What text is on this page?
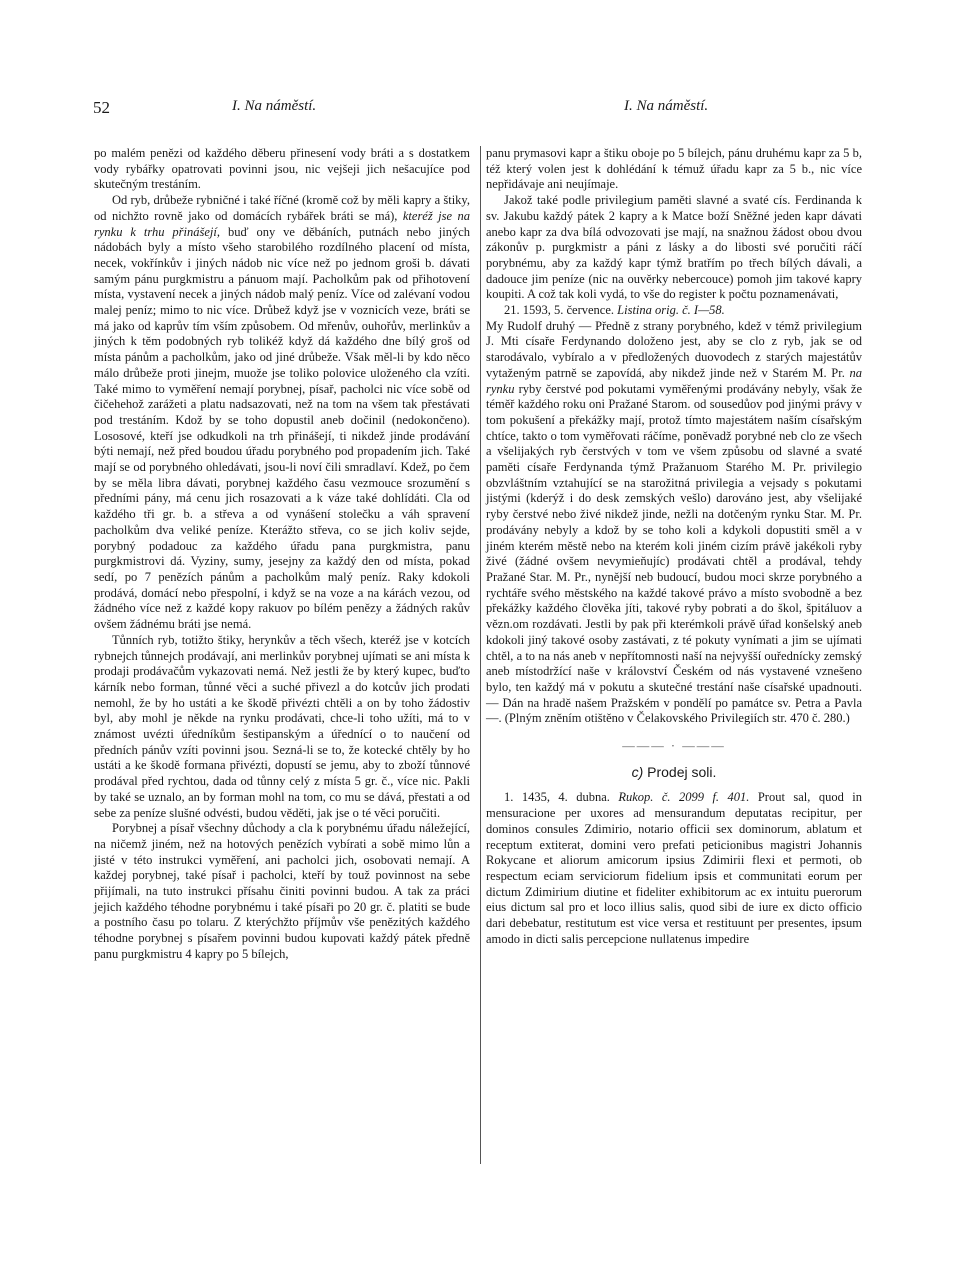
52	I. Na náměstí.	I. Na náměstí.

po malém penězi od každého děberu přinesení vody bráti a s dostatkem vody rybářky opatrovati povinni jsou, nic vejšeji jich nešacujíce pod skutečným trestáním.

Od ryb, drůbeže rybničné i také říčné (kromě což by měli kapry a štiky, od nichžto rovně jako od domácích rybářek bráti se má), kteréž jse na rynku k trhu přinášejí, buď ony ve děbáních, putnách nebo jiných nádobách byly a místo všeho starobilého rozdílného placení od místa, necek, vokřínkův i jiných nádob nic více než po jednom groši b. dávati samým pánu purgkmistru a pánuom mají. Pacholkům pak od přihotovení místa, vystavení necek a jiných nádob malý peníz. Více od zalévaní vodou malej peníz; mimo to nic více. Drůbež když jse v voznicích veze, bráti se má jako od kaprův tím vším způsobem. Od mřenův, ouhořův, merlinkův a jiných k těm podobných ryb tolikéž když dá každého dne bílý groš od místa pánům a pacholkům, jako od jiné drůbeže. Však měl-li by kdo něco málo drůbeže proti jinejm, muože jse toliko polovice uloženého cla vzíti. Také mimo to vyměření nemají porybnej, písař, pacholci nic více sobě od čičehehož zarážeti a platu nadsazovati, než na tom na všem tak přestávati pod trestáním. Kdož by se toho dopustil aneb dočinil (nedokončeno). Lososové, kteří jse odkudkoli na trh přinášejí, ti nikdež jinde prodávání býti nemají, než před boudou úřadu porybného pod propadením jich. Také mají se od porybného ohledávati, jsou-li noví čili smradlaví. Kdež, po čem by se měla libra dávati, porybnej každého času vezmouce srozumění s předními pány, má cenu jich rosazovati a k váze také dohlídáti. Cla od každého tři gr. b. a střeva a od vynášení stolečku a váh spravení pacholkům dva veliké peníze. Kterážto střeva, co se jich koliv sejde, porybný podadouc za každého úřadu pana purgkmistra, panu purgkmistrovi dá. Vyziny, sumy, jesejny za každý den od místa, pokad sedí, po 7 penězích pánům a pacholkům malý peníz. Raky kdokoli prodává, domácí nebo přespolní, i když se na voze a na kárách vezou, od žádného více než z každé kopy rakuov po bílém penězy a žádných rakův ovšem žádnému bráti jse nemá.

Tůnních ryb, totižto štiky, herynkův a těch všech, kteréž jse v kotcích rybnejch tůnnejch prodávají, ani merlinkův porybnej ujímati se ani místa k prodaji prodávačům vykazovati nemá. Než jestli že by který kupec, buďto kárník nebo forman, tůnné věci a suché přivezl a do kotcův jich prodati nemohl, že by ho ustáti a ke škodě přivézti chtěli a on by toho žádostiv byl, aby mohl je někde na rynku prodávati, chce-li toho užíti, má to v známost uvézti úředníkům šestipanským a úřednící o to naučení od předních pánův vzíti povinni jsou. Sezná-li se to, že kotecké chtěly by ho ustáti a ke škodě formana přivézti, dopustí se jemu, aby to zboží tůnnové prodával před rychtou, dada od tůnny celý z místa 5 gr. č., více nic. Pakli by také se uznalo, an by forman mohl na tom, co mu se dává, přestati a od sebe za peníze slušné odvésti, budou věděti, jak jse o té věci poručiti.

Porybnej a písař všechny důchody a cla k porybnému úřadu náležející, na ničemž jiném, než na hotových penězích vybírati a sobě mimo lůn a jisté v této instrukci vyměření, ani pacholci jich, osobovati nemají. A každej porybnej, také písař i pacholci, kteří by touž povinnost na sebe přijímali, na tuto instrukci přísahu činiti povinni budou. A tak za práci jejich každého téhodne porybnému i také písaři po 20 gr. č. platiti se bude a postního času po tolaru. Z kterýchžto příjmův vše penězitých každého téhodne porybnej s písařem povinni budou kupovati každý pátek předně panu purgkmistru 4 kapry po 5 bílejch,

panu prymasovi kapr a štiku oboje po 5 bílejch, pánu druhému kapr za 5 b, též který volen jest k dohlédání k témuž úřadu kapr za 5 b., nic více nepřidávaje ani neujímaje.

Jakož také podle privilegium paměti slavné a svaté cís. Ferdinanda k sv. Jakubu každý pátek 2 kapry a k Matce boží Sněžné jeden kapr dávati anebo kapr za dva bílá odvozovati jse mají, na snažnou žádost obou dvou zákonův p. purgkmistr a páni z lásky a do libosti své poručiti ráčí porybnému, aby za každý kapr týmž bratřím po třech bílých dávali, a dadouce jim peníze (nic na ouvěrky nebercouce) pomoh jim takové kapry koupiti. A což tak koli vydá, to vše do register k počtu poznamenávati,

21. 1593, 5. července. Listina orig. č. I—58.

My Rudolf druhý — Předně z strany porybného, kdež v témž privilegium J. Mti císaře Ferdynando doloženo jest, aby se clo z ryb, jak se od starodávalo, vybíralo a v předložených duovodech z starých majestátův vytaženým patrně se zapovídá, aby nikdež jinde než v Starém M. Pr. na rynku ryby čerstvé pod pokutami vyměřenými prodávány nebyly, však že téměř každého roku oni Pražané Starom. od sousedůov pod jinými právy v tom pokušení a překážky mají, protož tímto majestátem naším císařským chtíce, takto o tom vyměřovati ráčíme, poněvadž porybné neb clo ze všech a všelijakých ryb čerstvých v tom ve všem způsobu od slavné a svaté paměti císaře Ferdynanda týmž Pražanuom Starého M. Pr. privilegio obzvláštním vztahující se na starožitná privilegia a vejsady s pokutami jistými (kderýž i do desk zemských vešlo) darováno jest, aby všelijaké ryby čerstvé nebo živé nikdež jinde, nežli na dotčeným rynku Star. M. Pr. prodávány nebyly a kdož by se toho koli a kdykoli dopustiti směl a v jiném kterém městě nebo na kterém koli jiném cizím právě jakékoli ryby živé (žádné ovšem nevymieňujíc) prodávati chtěl a prodával, tehdy Pražané Star. M. Pr., nynější neb budoucí, budou moci skrze porybného a rychtáře svého městského na každé takové právo a místo svobodně a bez překážky každého člověka jíti, takové ryby pobrati a do škol, špitáluov a vězn.om rozdávati. Jestli by pak při kterémkoli právě úřad konšelský aneb kdokoli jiný takové osoby zastávati, z té pokuty vynímati a jim se ujímati chtěl, a to na nás aneb v nepřítomnosti naší na nejvyšší ouřednícky zemský aneb místodržící naše v království Českém od nás vystavené vznešeno bylo, ten každý má v pokutu a skutečné trestání naše císařské upadnouti. — Dán na hradě našem Pražském v pondělí po památce sv. Petra a Pavla —. (Plným zněním otištěno v Čelakovského Privilegiích str. 470 č. 280.)

——— · ———
c) Prodej soli.

1. 1435, 4. dubna. Rukop. č. 2099 f. 401. Prout sal, quod in mensuracione per uxores ad mensurandum deputatas recipitur, per dominos consules Zdimirio, notario officii sex dominorum, ablatum et receptum extiterat, domini vero prefati peticionibus magistri Johannis Rokycane et aliorum amicorum ipsius Zdimirii flexi et permoti, ob respectum eciam serviciorum fidelium ipsis et communitati eorum per dictum Zdimirium diutine et fideliter exhibitorum ac ex intuitu puerorum eius dictum sal pro et loco illius salis, quod sibi de iure ex dicto officio dari debebatur, restitutum est vice versa et restituunt per presentes, ipsum amodo in dicti salis percepcione nullatenus impedire
